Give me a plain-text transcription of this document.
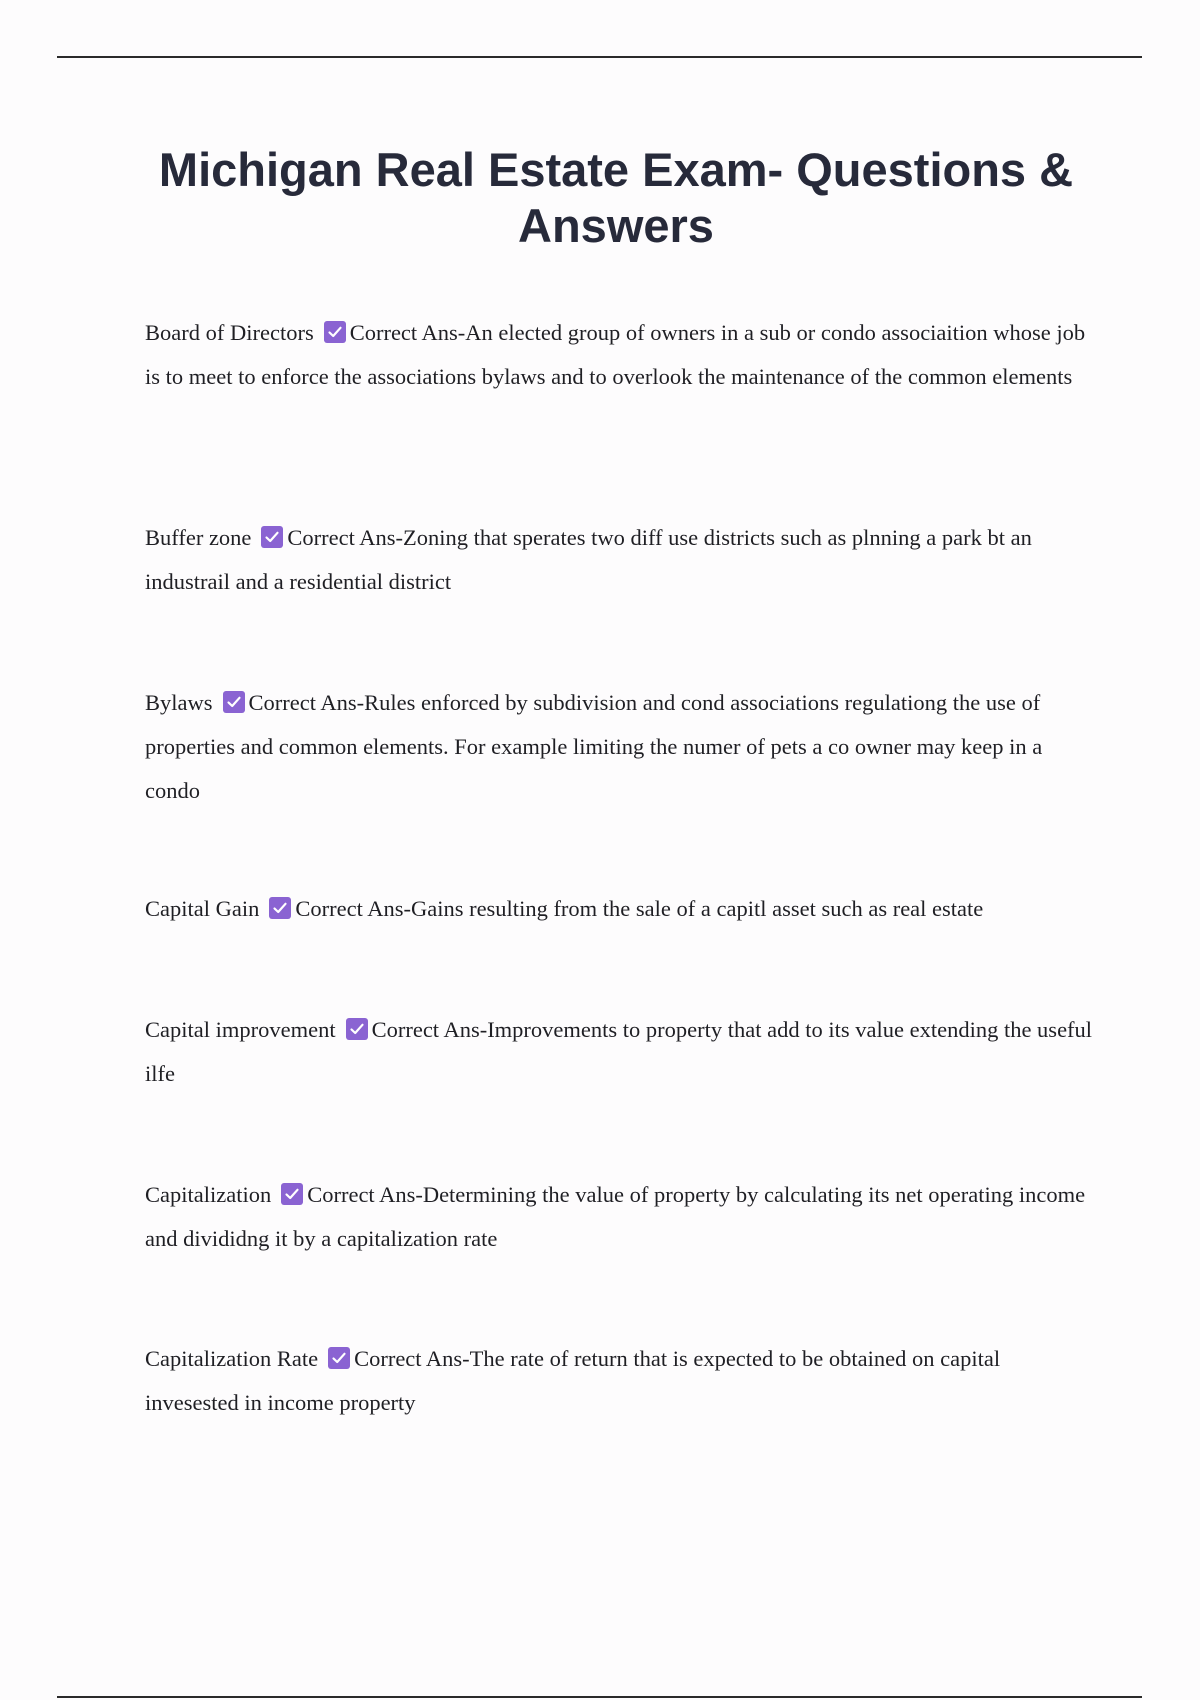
Michigan Real Estate Exam- Questions & Answers

Board of Directors Correct Ans-An elected group of owners in a sub or condo associaition whose job is to meet to enforce the associations bylaws and to overlook the maintenance of the common elements

Buffer zone Correct Ans-Zoning that sperates two diff use districts such as plnning a park bt an industrail and a residential district

Bylaws Correct Ans-Rules enforced by subdivision and cond associations regulationg the use of properties and common elements. For example limiting the numer of pets a co owner may keep in a condo

Capital Gain Correct Ans-Gains resulting from the sale of a capitl asset such as real estate

Capital improvement Correct Ans-Improvements to property that add to its value extending the useful ilfe

Capitalization Correct Ans-Determining the value of property by calculating its net operating income and divididng it by a capitalization rate

Capitalization Rate Correct Ans-The rate of return that is expected to be obtained on capital invesested in income property
